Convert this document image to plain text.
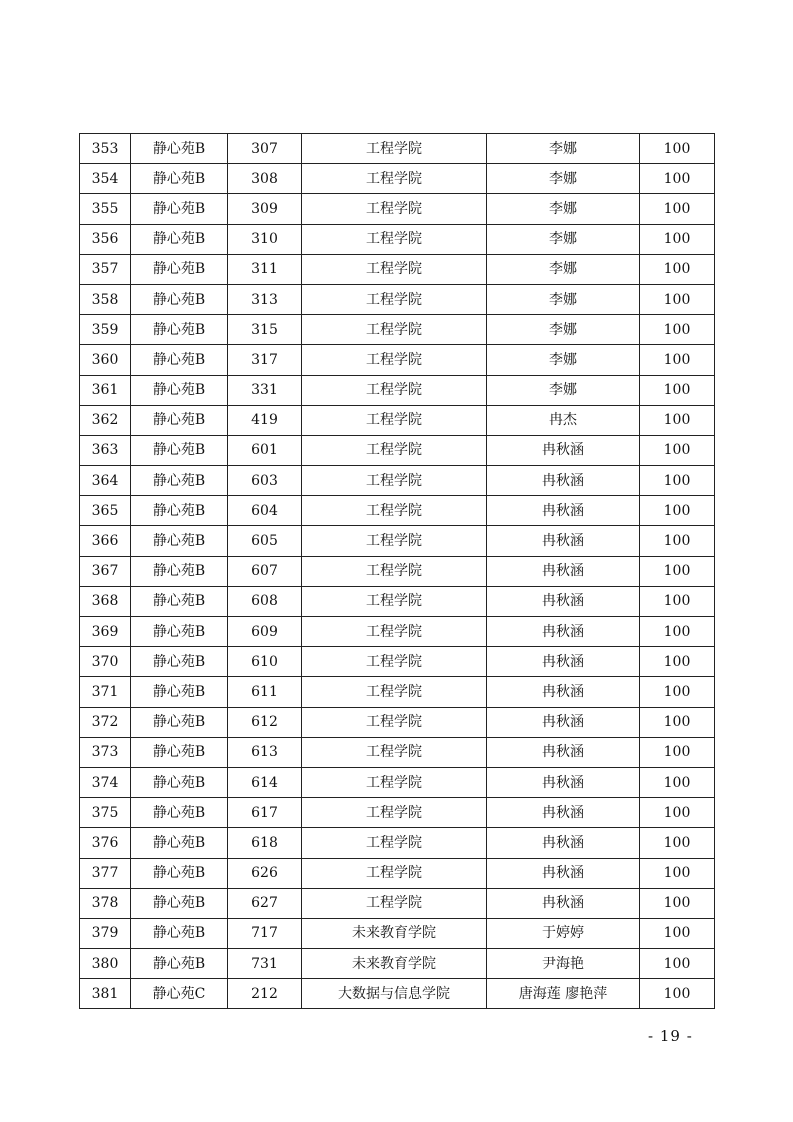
353	静心苑B	307	工程学院	李娜	100
354	静心苑B	308	工程学院	李娜	100
355	静心苑B	309	工程学院	李娜	100
356	静心苑B	310	工程学院	李娜	100
357	静心苑B	311	工程学院	李娜	100
358	静心苑B	313	工程学院	李娜	100
359	静心苑B	315	工程学院	李娜	100
360	静心苑B	317	工程学院	李娜	100
361	静心苑B	331	工程学院	李娜	100
362	静心苑B	419	工程学院	冉杰	100
363	静心苑B	601	工程学院	冉秋涵	100
364	静心苑B	603	工程学院	冉秋涵	100
365	静心苑B	604	工程学院	冉秋涵	100
366	静心苑B	605	工程学院	冉秋涵	100
367	静心苑B	607	工程学院	冉秋涵	100
368	静心苑B	608	工程学院	冉秋涵	100
369	静心苑B	609	工程学院	冉秋涵	100
370	静心苑B	610	工程学院	冉秋涵	100
371	静心苑B	611	工程学院	冉秋涵	100
372	静心苑B	612	工程学院	冉秋涵	100
373	静心苑B	613	工程学院	冉秋涵	100
374	静心苑B	614	工程学院	冉秋涵	100
375	静心苑B	617	工程学院	冉秋涵	100
376	静心苑B	618	工程学院	冉秋涵	100
377	静心苑B	626	工程学院	冉秋涵	100
378	静心苑B	627	工程学院	冉秋涵	100
379	静心苑B	717	未来教育学院	于婷婷	100
380	静心苑B	731	未来教育学院	尹海艳	100
381	静心苑C	212	大数据与信息学院	唐海莲 廖艳萍	100
- 19 -
